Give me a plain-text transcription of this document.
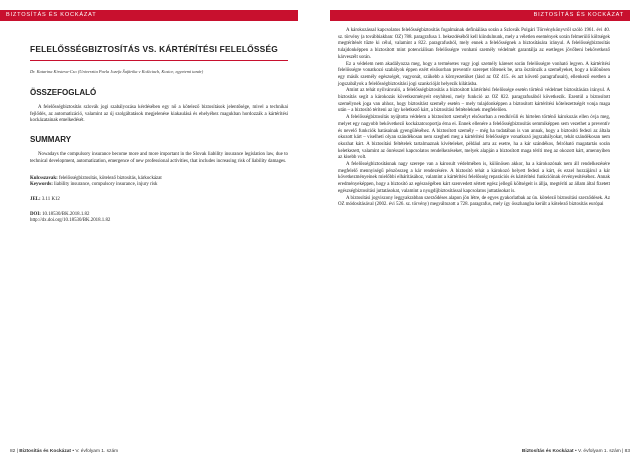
BIZTOSÍTÁS ÉS KOCKÁZAT
FELELŐSSÉGBIZTOSÍTÁS VS. KÁRTÉRÍTÉSI FELELŐSSÉG
Dr. Katarina Kirsteva-Cso (Univerzita Pavla Jozefa Šafárika v Košiciach, Kosice, egyetemi tanár)
ÖSSZEFOGLALÓ

A felelősségbiztosítás szlovák jogi szabályozása kérdésében egy nő a kötelező biztosítások jelentősége, mivel a technikai fejlődés, az automatizáció, valamint az új szolgáltatások megjelenése kiakaulásá és ehelyéhez magukban hordozzák a kártérítési kockázatainak emelkedését.

SUMMARY

Nowadays the compulsory insurance become more and more important in the Slovak liability insurance legislation law, due to technical development, automatization, emergence of new professional activities, that includes increasing risk of liability damages.

Kulcsszavak: felelősségbiztosítás, kötelező biztosítás, kárkockázat
Keywords: liability insurance, compulsory insurance, injury risk
JEL: 3.11 K12
DOI: 10.18530/BK.2018.1.82
http://dx.doi.org/10.18530/BK.2018.1.82
82 | Biztosítás és Kockázat • V. évfolyam 1. szám
BIZTOSÍTÁS ÉS KOCKÁZAT

A károkozással kapcsolatos felelősségbiztosítás fogalmának definiálása során a Szlovák Polgári Törvénykönyvről szóló 1961. évi 40. sz. törvény (a továbbiakban: OZ) 788. paragrafusa 1. bekezdéséből kell kiindulnunk, mely a véletlen események során felmerülő költségek megtérítését tűzte ki célul, valamint a 822. paragrafusból, mely ennek a felelősségnek a biztosítására irányul. A felelősségbiztosítás tulajdonképpen a biztosított mint potenciálisan felelősségre vonható személy védelmét garantálja az esetleges jövőbeni bekövetkező kárveszélt során.

Ez a védelem nem akadályozza meg, hogy a termésetes vagy jogi személy káreset során felelősségre vonható legyen. A kártérítési felelősségre vonatkozó szabályok éppen ezért elsősorban preventív szerepet töltenek be, arra ösztönzik a személyeket, hogy a különösen egy másik személy egészségét, vagyonát, szükebb a környezetüket (lásd az OZ 415. és azt követő paragrafusait), ellenkező esetben a jogszabályok a felelősségbiztosítási jogi szankcióját helyezik kilátásba.

Amint az tehát nyilvánvaló, a felelősségbiztosítás a biztosított kártérítési felelőssége esetén történő védelmet biztosítására irányul. A biztosítás segít a károkozás következményeit enyhíteni, mely funkció az OZ 822. paragrafusából következik. Ezentúl a biztosított személynek joga van ahhoz, hogy biztosítást személy esetén – mely tulajdonképpen a biztosított kártérítési kötelezettségét vonja maga után – a biztosító téríteni az így keletkező kárt, a biztosítási feltételeknek megfelelően.

A felelősségbiztosítás nyújtotta védelem a biztosított személyt elsősorban a rendkívüli és hirtelen történő károkozás ellen óvja meg, melyet egy nagyobb bekövetkező kockázatcsoportja érna ei. Ennek ellenére a felelősségbiztosítás semmiképpen sem vezethet a preventív és nevelő funkciók hatásainak gyengüléséhez. A biztosított személy – még ha tudatában is van annak, hogy a biztosító fedezi az általa okozott kárt – viselheti olyan szándékosan nem szegheti meg a kártérítési felelősségre vonatkozó jogszabályokat, tehát szándékosan nem okozhat kárt. A biztosítási feltételek tartalmaznak kivételeket, például arra az esetre, ha a kár szándékos, felróható magatartás során keletkezett, valamint az önrésszel kapcsolatos rendelkezéseket, melyek alapján a biztosított maga téríti meg az okozott kárt, amennyiben az kisebb volt.

A felelősségbiztosításnak nagy szerepe van a károsult védelmében is, különösen akkor, ha a károkozónak nem áll rendelkezésére megfelelő mennyiségű pénzösszeg a kár rendezésére. A biztosító tehát a károkozó helyett fedezi a kárt, és ezzel hozzájárul a kár következményeinek mielőbbi elhárításához, valamint a kártérítési felelősség reparációs és kártérítési funkcióinak érvényesítéséhez. Annak eredményeképpen, hogy a biztosító az egészségében kárt szenvedett sértett egész jellegű költségeit is állja, megtéríti az állam által fizetett egészségbiztosítási juttatásokat, valamint a nyugdíjbiztosítással kapcsolatos juttatásokat is.

A biztosítási jogviszony leggyakrabban szerződéses alapon jön létre, de egyes gyakorlatbak az ún. kötelező biztosítási szerződések. Az OZ módosításával (2002. évi 526. sz. törvény) megváltozott a 728. paragrafus, mely így összhangba került a kötelező biztosítás európai

Biztosítás és Kockázat • V. évfolyam 1. szám | 83
